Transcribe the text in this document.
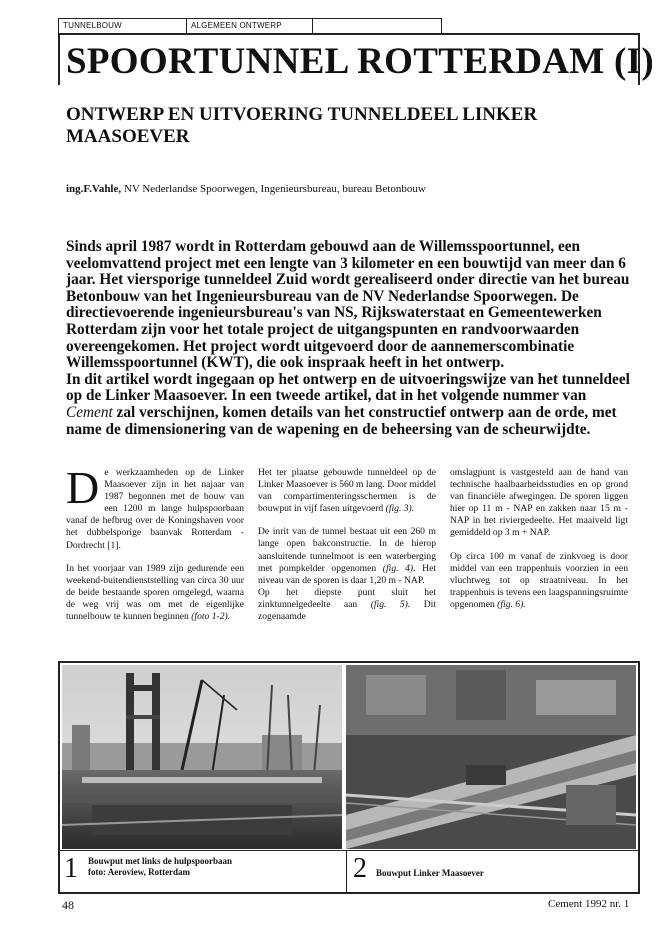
TUNNELBOUW	ALGEMEEN ONTWERP
SPOORTUNNEL ROTTERDAM (I)
ONTWERP EN UITVOERING TUNNELDEEL LINKER MAASOEVER
ing.F.Vahle, NV Nederlandse Spoorwegen, Ingenieursbureau, bureau Betonbouw

Sinds april 1987 wordt in Rotterdam gebouwd aan de Willemsspoortunnel, een veelomvattend project met een lengte van 3 kilometer en een bouwtijd van meer dan 6 jaar. Het viersporige tunneldeel Zuid wordt gerealiseerd onder directie van het bureau Betonbouw van het Ingenieursbureau van de NV Nederlandse Spoorwegen. De directievoerende ingenieursbureau's van NS, Rijkswaterstaat en Gemeentewerken Rotterdam zijn voor het totale project de uitgangspunten en randvoorwaarden overeengekomen. Het project wordt uitgevoerd door de aannemerscombinatie Willemsspoortunnel (KWT), die ook inspraak heeft in het ontwerp.

In dit artikel wordt ingegaan op het ontwerp en de uitvoeringswijze van het tunneldeel op de Linker Maasoever. In een tweede artikel, dat in het volgende nummer van Cement zal verschijnen, komen details van het constructief ontwerp aan de orde, met name de dimensionering van de wapening en de beheersing van de scheurwijdte.

De werkzaamheden op de Linker Maasoever zijn in het najaar van 1987 begonnen met de bouw van een 1200 m lange hulpspoorbaan vanaf de hefbrug over de Koningshaven voor het dubbelsporige baanvak Rotterdam - Dordrecht [1].

In het voorjaar van 1989 zijn gedurende een weekend-buitendienststelling van circa 30 uur de beide bestaande sporen omgelegd, waarna de weg vrij was om met de eigenlijke tunnelbouw te kunnen beginnen (foto 1-2).

Het ter plaatse gebouwde tunneldeel op de Linker Maasoever is 560 m lang. Door middel van compartimenteringsschermen is de bouwput in vijf fasen uitgevoerd (fig. 3).

De inrit van de tunnel bestaat uit een 260 m lange open bakconstructie. In de hierop aansluitende tunnelmoot is een waterberging met pompkelder opgenomen (fig. 4). Het niveau van de sporen is daar 1,20 m - NAP.

Op het diepste punt sluit het zinktunnelgedeelte aan (fig. 5). Dit zogenaamde

omslagpunt is vastgesteld aan de hand van technische haalbaarheidsstudies en op grond van financiële afwegingen. De sporen liggen hier op 11 m - NAP en zakken naar 15 m - NAP in het riviergedeelte. Het maaiveld ligt gemiddeld op 3 m + NAP.

Op circa 100 m vanaf de zinkvoeg is door middel van een trappenhuis voorzien in een vluchtweg tot op straatniveau. In het trappenhuis is tevens een laagspanningsruimte opgenomen (fig. 6).

1 Bouwput met links de hulpspoorbaan
foto: Aeroview, Rotterdam	2 Bouwput Linker Maasoever
48	Cement 1992 nr. 1
